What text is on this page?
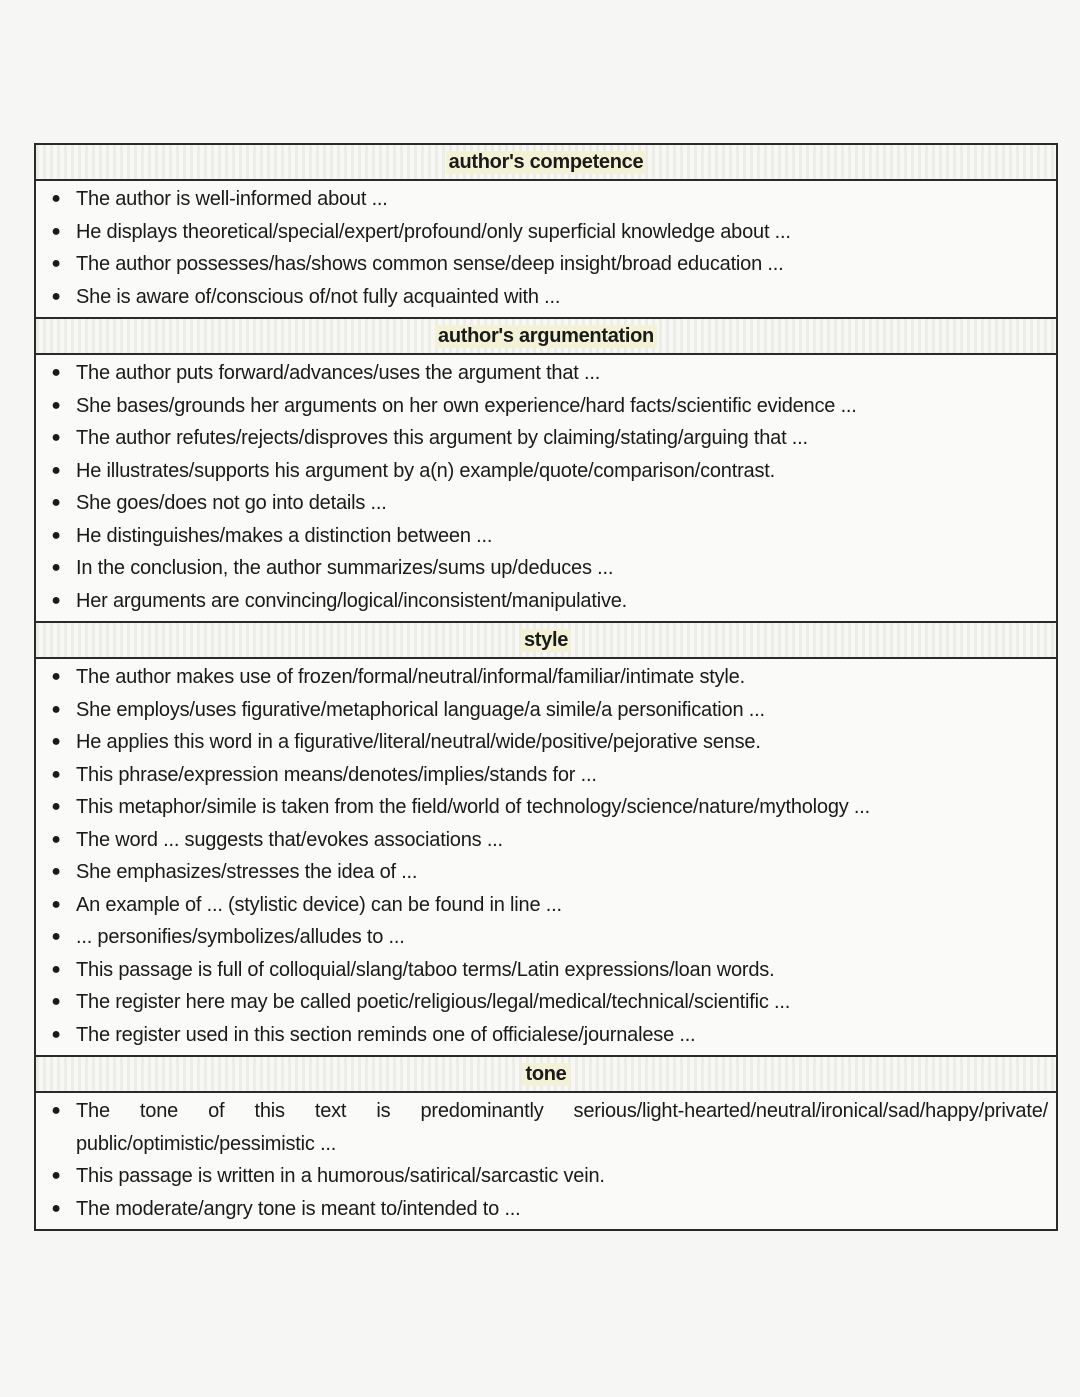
author's competence
● The author is well-informed about ...
● He displays theoretical/special/expert/profound/only superficial knowledge about ...
● The author possesses/has/shows common sense/deep insight/broad education ...
● She is aware of/conscious of/not fully acquainted with ...
author's argumentation
● The author puts forward/advances/uses the argument that ...
● She bases/grounds her arguments on her own experience/hard facts/scientific evidence ...
● The author refutes/rejects/disproves this argument by claiming/stating/arguing that ...
● He illustrates/supports his argument by a(n) example/quote/comparison/contrast.
● She goes/does not go into details ...
● He distinguishes/makes a distinction between ...
● In the conclusion, the author summarizes/sums up/deduces ...
● Her arguments are convincing/logical/inconsistent/manipulative.
style
● The author makes use of frozen/formal/neutral/informal/familiar/intimate style.
● She employs/uses figurative/metaphorical language/a simile/a personification ...
● He applies this word in a figurative/literal/neutral/wide/positive/pejorative sense.
● This phrase/expression means/denotes/implies/stands for ...
● This metaphor/simile is taken from the field/world of technology/science/nature/mythology ...
● The word ... suggests that/evokes associations ...
● She emphasizes/stresses the idea of ...
● An example of ... (stylistic device) can be found in line ...
● ... personifies/symbolizes/alludes to ...
● This passage is full of colloquial/slang/taboo terms/Latin expressions/loan words.
● The register here may be called poetic/religious/legal/medical/technical/scientific ...
● The register used in this section reminds one of officialese/journalese ...
tone
● The tone of this text is predominantly serious/light-hearted/neutral/ironical/sad/happy/private/ public/optimistic/pessimistic ...
● This passage is written in a humorous/satirical/sarcastic vein.
● The moderate/angry tone is meant to/intended to ...
